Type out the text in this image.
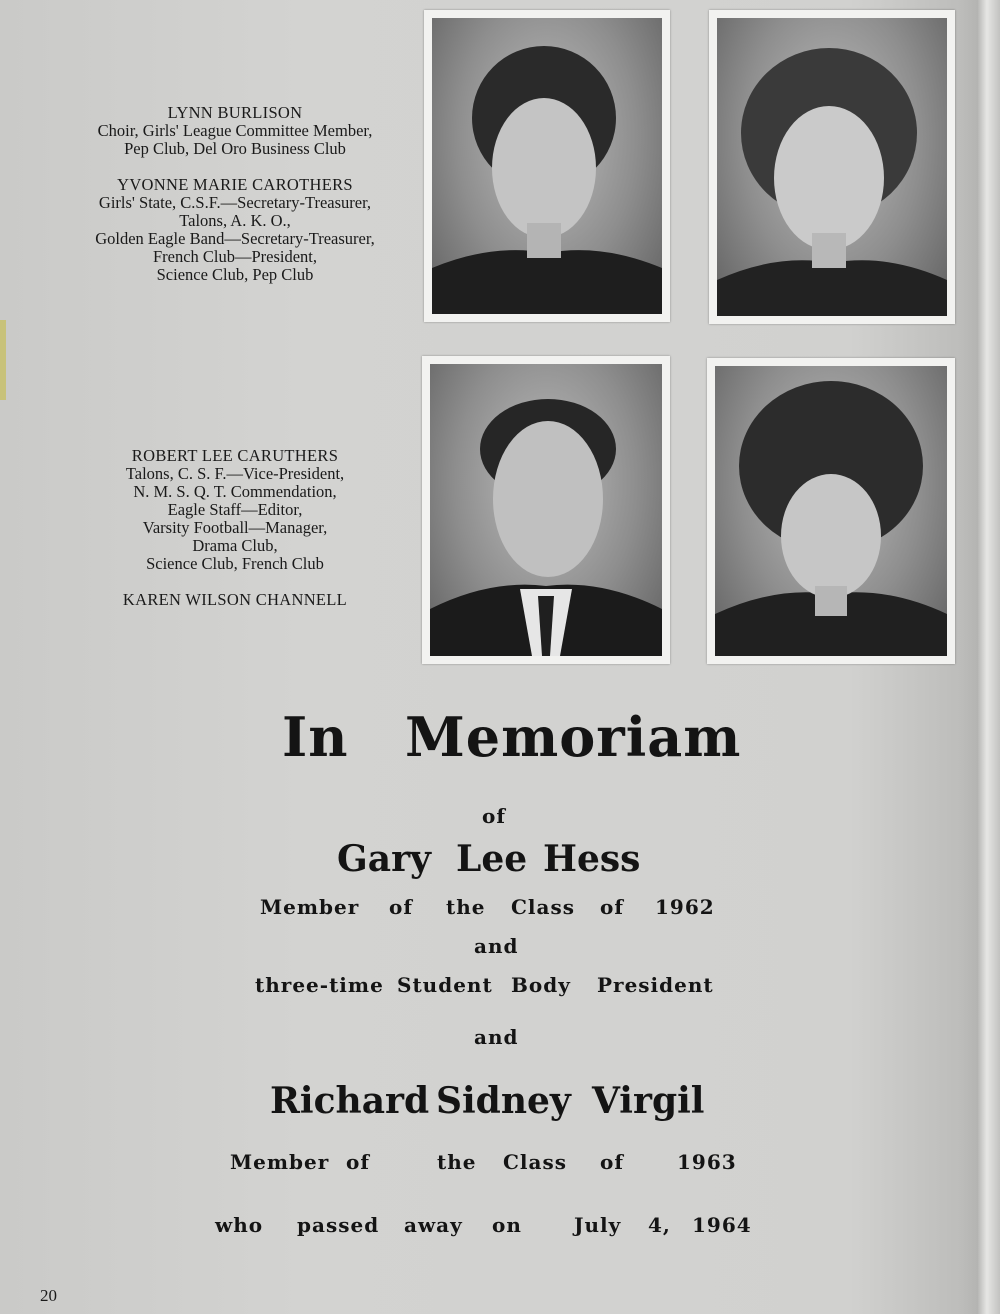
LYNN BURLISON

Choir, Girls' League Committee Member,

Pep Club, Del Oro Business Club

YVONNE MARIE CAROTHERS

Girls' State, C.S.F.—Secretary-Treasurer,

Talons, A. K. O.,

Golden Eagle Band—Secretary-Treasurer,

French Club—President,

Science Club, Pep Club

ROBERT LEE CARUTHERS

Talons, C. S. F.—Vice-President,

N. M. S. Q. T. Commendation,

Eagle Staff—Editor,

Varsity Football—Manager,

Drama Club,

Science Club, French Club

KAREN WILSON CHANNELL

In Memoriam
of
Gary Lee Hess
Member of the Class of 1962
and
three-time Student Body President
and
Richard Sidney Virgil
Member of	the Class of	1963
who passed away on	July 4, 1964
20
